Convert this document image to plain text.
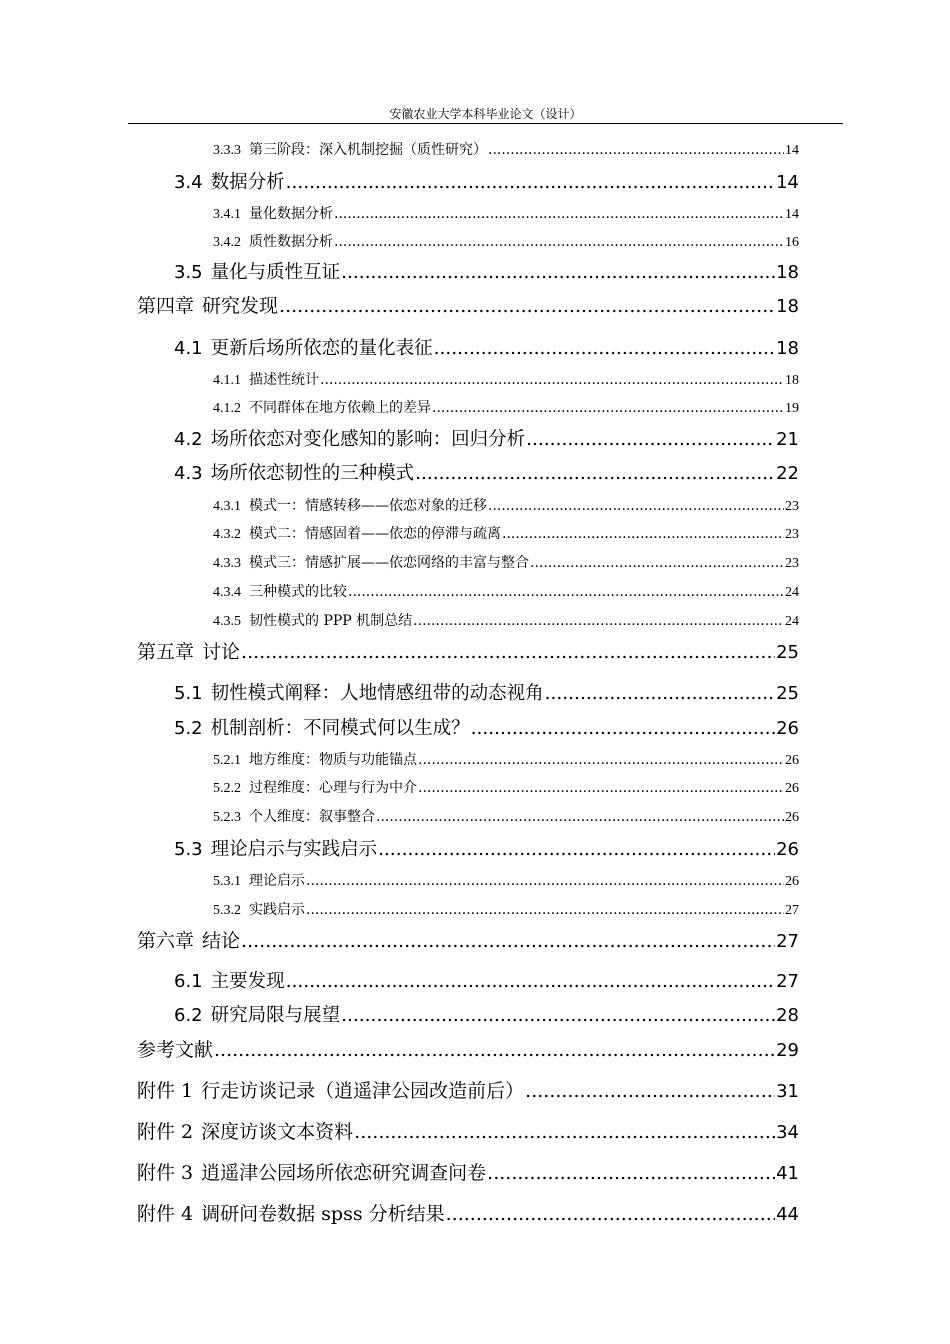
安徽农业大学本科毕业论文（设计）
3.3.3 第三阶段：深入机制挖掘（质性研究） .....	14
3.4 数据分析 .....	14
3.4.1 量化数据分析 .....	14
3.4.2 质性数据分析 .....	16
3.5 量化与质性互证 .....	18
第四章 研究发现 .....	18
4.1 更新后场所依恋的量化表征 .....	18
4.1.1 描述性统计 .....	18
4.1.2 不同群体在地方依赖上的差异 .....	19
4.2 场所依恋对变化感知的影响：回归分析 .....	21
4.3 场所依恋韧性的三种模式 .....	22
4.3.1 模式一：情感转移——依恋对象的迁移 .....	23
4.3.2 模式二：情感固着——依恋的停滞与疏离 .....	23
4.3.3 模式三：情感扩展——依恋网络的丰富与整合 .....	23
4.3.4 三种模式的比较 .....	24
4.3.5 韧性模式的 PPP 机制总结 .....	24
第五章 讨论 .....	25
5.1 韧性模式阐释：人地情感纽带的动态视角 .....	25
5.2 机制剖析：不同模式何以生成？ .....	26
5.2.1 地方维度：物质与功能锚点 .....	26
5.2.2 过程维度：心理与行为中介 .....	26
5.2.3 个人维度：叙事整合 .....	26
5.3 理论启示与实践启示 .....	26
5.3.1 理论启示 .....	26
5.3.2 实践启示 .....	27
第六章 结论 .....	27
6.1 主要发现 .....	27
6.2 研究局限与展望 .....	28
参考文献 .....	29
附件 1 行走访谈记录（逍遥津公园改造前后） .....	31
附件 2 深度访谈文本资料 .....	34
附件 3 逍遥津公园场所依恋研究调查问卷 .....	41
附件 4 调研问卷数据 spss 分析结果 .....	44
